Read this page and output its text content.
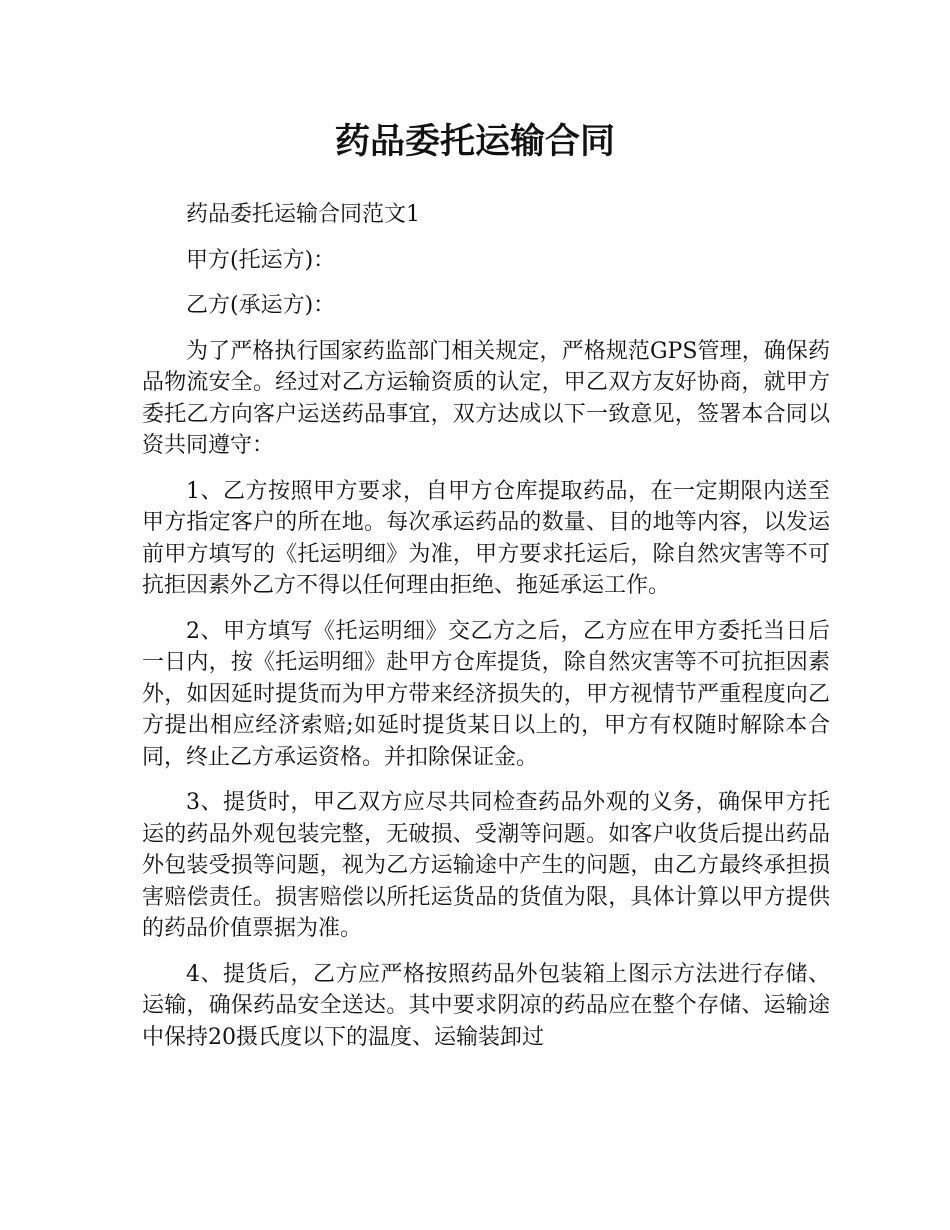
药品委托运输合同

药品委托运输合同范文1

甲方(托运方)：

乙方(承运方)：

为了严格执行国家药监部门相关规定，严格规范GPS管理，确保药品物流安全。经过对乙方运输资质的认定，甲乙双方友好协商，就甲方委托乙方向客户运送药品事宜，双方达成以下一致意见，签署本合同以资共同遵守：

1、乙方按照甲方要求，自甲方仓库提取药品，在一定期限内送至甲方指定客户的所在地。每次承运药品的数量、目的地等内容，以发运前甲方填写的《托运明细》为准，甲方要求托运后，除自然灾害等不可抗拒因素外乙方不得以任何理由拒绝、拖延承运工作。

2、甲方填写《托运明细》交乙方之后，乙方应在甲方委托当日后一日内，按《托运明细》赴甲方仓库提货，除自然灾害等不可抗拒因素外，如因延时提货而为甲方带来经济损失的，甲方视情节严重程度向乙方提出相应经济索赔;如延时提货某日以上的，甲方有权随时解除本合同，终止乙方承运资格。并扣除保证金。

3、提货时，甲乙双方应尽共同检查药品外观的义务，确保甲方托运的药品外观包装完整，无破损、受潮等问题。如客户收货后提出药品外包装受损等问题，视为乙方运输途中产生的问题，由乙方最终承担损害赔偿责任。损害赔偿以所托运货品的货值为限，具体计算以甲方提供的药品价值票据为准。

4、提货后，乙方应严格按照药品外包装箱上图示方法进行存储、运输，确保药品安全送达。其中要求阴凉的药品应在整个存储、运输途中保持20摄氏度以下的温度、运输装卸过
